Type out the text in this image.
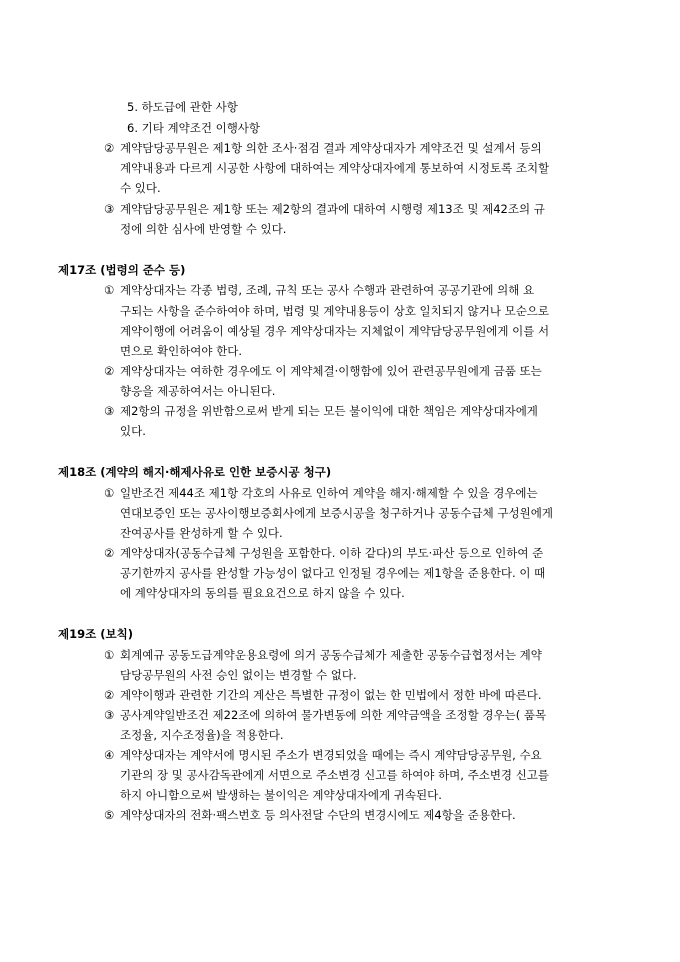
5. 하도급에 관한 사항
6. 기타 계약조건 이행사항
② 계약담당공무원은 제1항 의한 조사·점검 결과 계약상대자가 계약조건 및 설계서 등의
계약내용과 다르게 시공한 사항에 대하여는 계약상대자에게 통보하여 시정토록 조치할
수 있다.
③ 계약담당공무원은 제1항 또는 제2항의 결과에 대하여 시행령 제13조 및 제42조의 규
정에 의한 심사에 반영할 수 있다.
제17조 (법령의 준수 등)
① 계약상대자는 각종 법령, 조례, 규칙 또는 공사 수행과 관련하여 공공기관에 의해 요
구되는 사항을 준수하여야 하며, 법령 및 계약내용등이 상호 일치되지 않거나 모순으로
계약이행에 어려움이 예상될 경우 계약상대자는 지체없이 계약담당공무원에게 이를 서
면으로 확인하여야 한다.
② 계약상대자는 여하한 경우에도 이 계약체결·이행함에 있어 관련공무원에게 금품 또는
향응을 제공하여서는 아니된다.
③ 제2항의 규정을 위반함으로써 받게 되는 모든 불이익에 대한 책임은 계약상대자에게
있다.
제18조 (계약의 해지·해제사유로 인한 보증시공 청구)
① 일반조건 제44조 제1항 각호의 사유로 인하여 계약을 해지·해제할 수 있을 경우에는
연대보증인 또는 공사이행보증회사에게 보증시공을 청구하거나 공동수급체 구성원에게
잔여공사를 완성하게 할 수 있다.
② 계약상대자(공동수급체 구성원을 포함한다. 이하 같다)의 부도·파산 등으로 인하여 준
공기한까지 공사를 완성할 가능성이 없다고 인정될 경우에는 제1항을 준용한다. 이 때
에 계약상대자의 동의를 필요요건으로 하지 않을 수 있다.
제19조 (보칙)
① 회계예규 공동도급계약운용요령에 의거 공동수급체가 제출한 공동수급협정서는 계약
담당공무원의 사전 승인 없이는 변경할 수 없다.
② 계약이행과 관련한 기간의 계산은 특별한 규정이 없는 한 민법에서 정한 바에 따른다.
③ 공사계약일반조건 제22조에 의하여 물가변동에 의한 계약금액을 조정할 경우는( 품목
조정율, 지수조정율)을 적용한다.
④ 계약상대자는 계약서에 명시된 주소가 변경되었을 때에는 즉시 계약담당공무원, 수요
기관의 장 및 공사감독관에게 서면으로 주소변경 신고를 하여야 하며, 주소변경 신고를
하지 아니함으로써 발생하는 불이익은 계약상대자에게 귀속된다.
⑤ 계약상대자의 전화·팩스번호 등 의사전달 수단의 변경시에도 제4항을 준용한다.
